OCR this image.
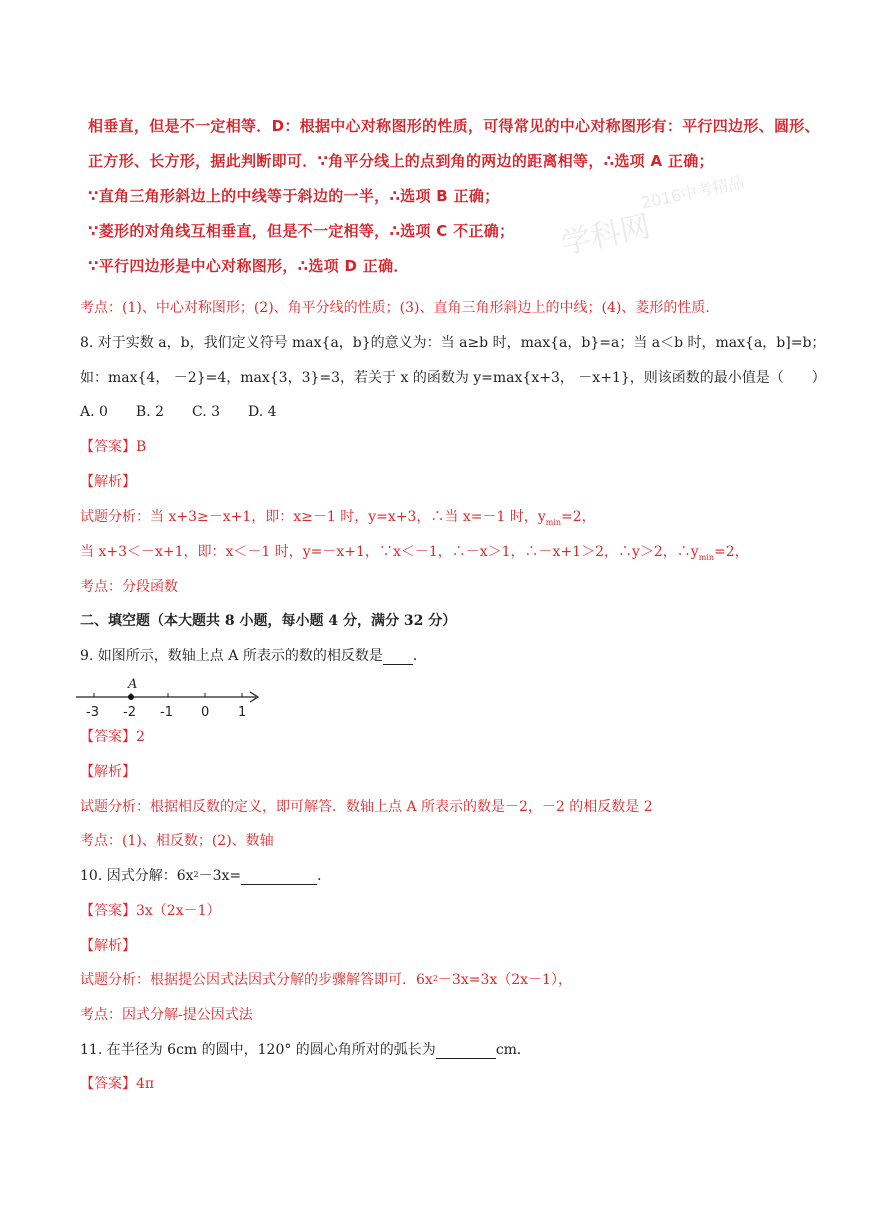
学科网
2016中考精品
相垂直，但是不一定相等．D：根据中心对称图形的性质，可得常见的中心对称图形有：平行四边形、圆形、
正方形、长方形，据此判断即可．∵角平分线上的点到角的两边的距离相等，∴选项 A 正确；
∵直角三角形斜边上的中线等于斜边的一半，∴选项 B 正确；
∵菱形的对角线互相垂直，但是不一定相等，∴选项 C 不正确；
∵平行四边形是中心对称图形，∴选项 D 正确．
考点：(1)、中心对称图形；(2)、角平分线的性质；(3)、直角三角形斜边上的中线；(4)、菱形的性质．
8. 对于实数 a，b，我们定义符号 max{a，b}的意义为：当 a≥b 时，max{a，b}=a；当 a＜b 时，max{a，b]=b；
如：max{4， －2}=4，max{3，3}=3，若关于 x 的函数为 y=max{x+3， －x+1}，则该函数的最小值是（　　）
A. 0　　B. 2　　C. 3　　D. 4
【答案】B
【解析】
试题分析：当 x+3≥－x+1，即：x≥－1 时，y=x+3，∴当 x=－1 时，$y_{min}=2$，
当 x+3＜－x+1，即：x＜－1 时，y=－x+1，∵x＜－1，∴－x＞1，∴－x+1＞2，∴y＞2，$\therefore y_{min}=2$，
考点：分段函数
二、填空题（本大题共 8 小题，每小题 4 分，满分 32 分）
9. 如图所示，数轴上点 A 所表示的数的相反数是 ．
A
-3 -2 -1 0 1
【答案】2
【解析】
试题分析：根据相反数的定义，即可解答．数轴上点 A 所表示的数是－2，－2 的相反数是 2
考点：(1)、相反数；(2)、数轴
10. 因式分解：$6x^2-3x=$	．
【答案】3x（2x－1）
【解析】
试题分析：根据提公因式法因式分解的步骤解答即可．$6x^2-3x=3x(2x-1)$，
考点：因式分解-提公因式法
11. 在半径为 6cm 的圆中，120° 的圆心角所对的弧长为	cm．
【答案】4π
